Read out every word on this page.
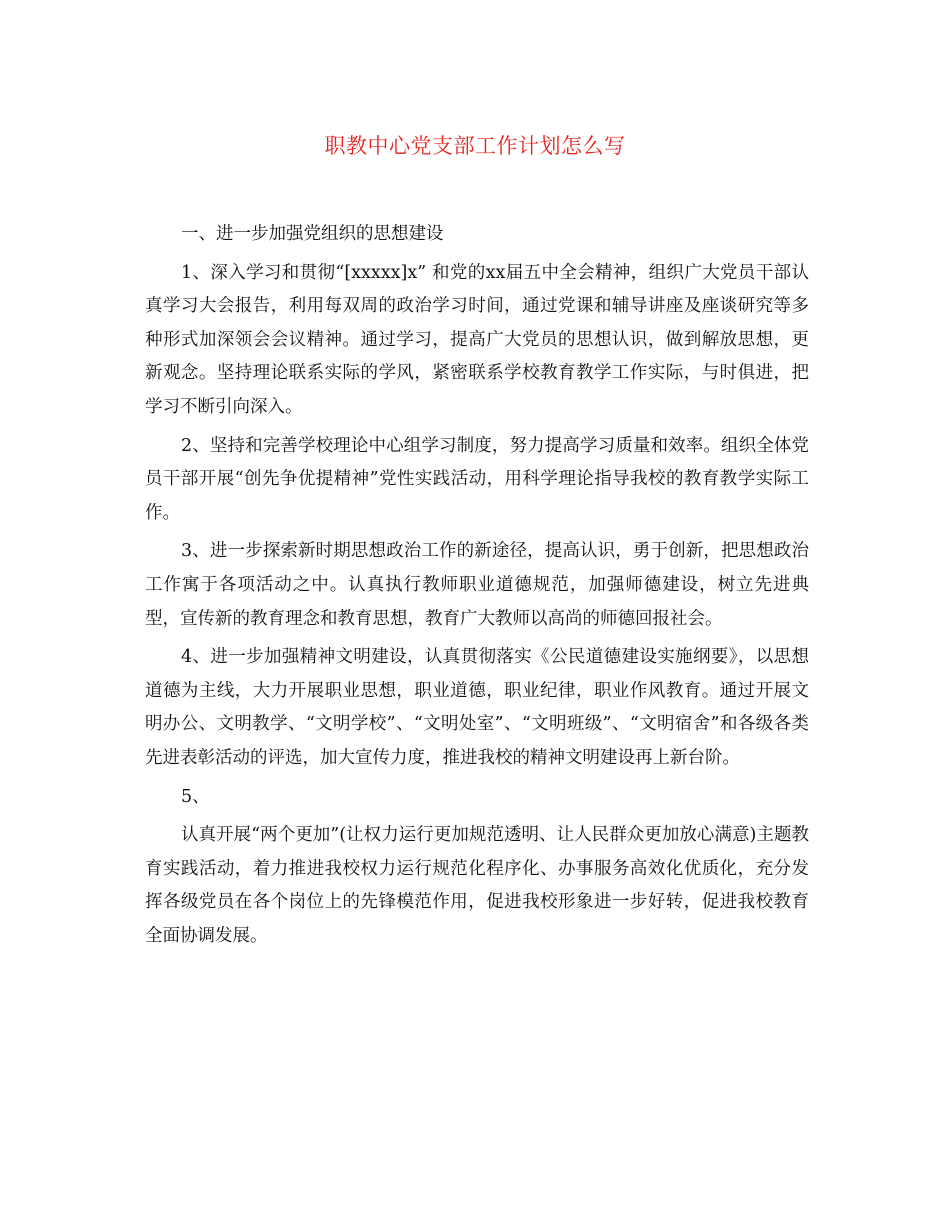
职教中心党支部工作计划怎么写

一、进一步加强党组织的思想建设

1、深入学习和贯彻“[xxxxx]x” 和党的xx届五中全会精神，组织广大党员干部认真学习大会报告，利用每双周的政治学习时间，通过党课和辅导讲座及座谈研究等多种形式加深领会会议精神。通过学习，提高广大党员的思想认识，做到解放思想，更新观念。坚持理论联系实际的学风，紧密联系学校教育教学工作实际，与时俱进，把学习不断引向深入。

2、坚持和完善学校理论中心组学习制度，努力提高学习质量和效率。组织全体党员干部开展“创先争优提精神”党性实践活动，用科学理论指导我校的教育教学实际工作。

3、进一步探索新时期思想政治工作的新途径，提高认识，勇于创新，把思想政治工作寓于各项活动之中。认真执行教师职业道德规范，加强师德建设，树立先进典型，宣传新的教育理念和教育思想，教育广大教师以高尚的师德回报社会。

4、进一步加强精神文明建设，认真贯彻落实《公民道德建设实施纲要》，以思想道德为主线，大力开展职业思想，职业道德，职业纪律，职业作风教育。通过开展文明办公、文明教学、“文明学校”、“文明处室”、“文明班级”、“文明宿舍”和各级各类先进表彰活动的评选，加大宣传力度，推进我校的精神文明建设再上新台阶。

5、

认真开展“两个更加”(让权力运行更加规范透明、让人民群众更加放心满意)主题教育实践活动，着力推进我校权力运行规范化程序化、办事服务高效化优质化，充分发挥各级党员在各个岗位上的先锋模范作用，促进我校形象进一步好转，促进我校教育全面协调发展。
